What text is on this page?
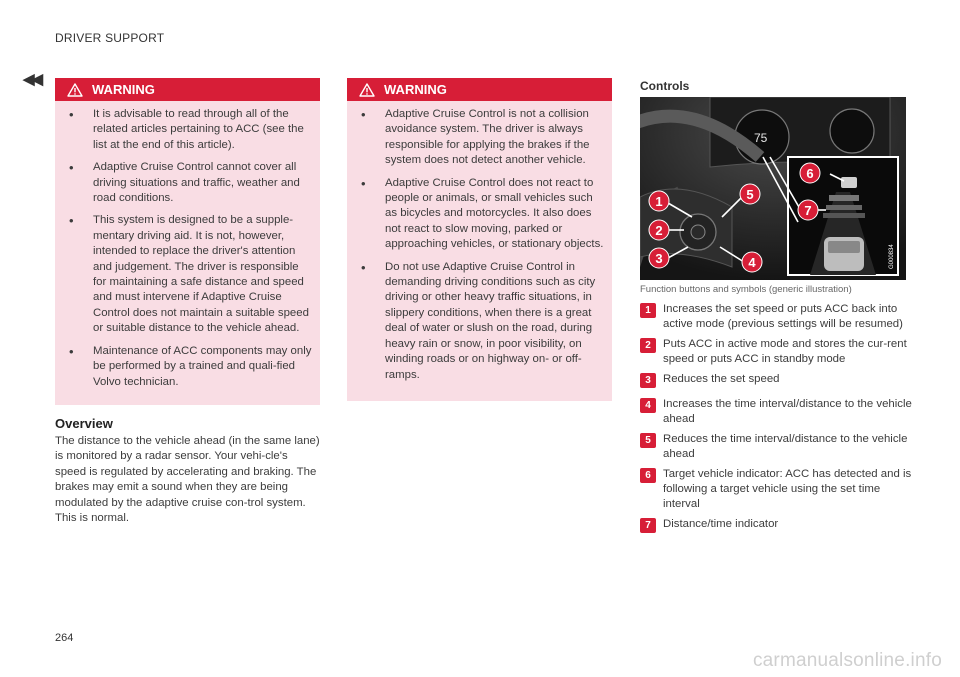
DRIVER SUPPORT
◀◀
WARNING
• It is advisable to read through all of the related articles pertaining to ACC (see the list at the end of this article).
• Adaptive Cruise Control cannot cover all driving situations and traffic, weather and road conditions.
• This system is designed to be a supple-mentary driving aid. It is not, however, intended to replace the driver's attention and judgement. The driver is responsible for maintaining a safe distance and speed and must intervene if Adaptive Cruise Control does not maintain a suitable speed or suitable distance to the vehicle ahead.
• Maintenance of ACC components may only be performed by a trained and quali-fied Volvo technician.
Overview

The distance to the vehicle ahead (in the same lane) is monitored by a radar sensor. Your vehi-cle's speed is regulated by accelerating and braking. The brakes may emit a sound when they are being modulated by the adaptive cruise con-trol system. This is normal.

WARNING
• Adaptive Cruise Control is not a collision avoidance system. The driver is always responsible for applying the brakes if the system does not detect another vehicle.
• Adaptive Cruise Control does not react to people or animals, or small vehicles such as bicycles and motorcycles. It also does not react to slow moving, parked or approaching vehicles, or stationary objects.
• Do not use Adaptive Cruise Control in demanding driving conditions such as city driving or other heavy traffic situations, in slippery conditions, when there is a great deal of water or slush on the road, during heavy rain or snow, in poor visibility, on winding roads or on highway on- or off-ramps.
Controls
75
G000834
1
2
3	4
5
6
7
Function buttons and symbols (generic illustration)
1	Increases the set speed or puts ACC back into active mode (previous settings will be resumed)
2	Puts ACC in active mode and stores the cur-rent speed or puts ACC in standby mode
3	Reduces the set speed
4	Increases the time interval/distance to the vehicle ahead
5	Reduces the time interval/distance to the vehicle ahead
6	Target vehicle indicator: ACC has detected and is following a target vehicle using the set time interval
7	Distance/time indicator
264
carmanualsonline.info
